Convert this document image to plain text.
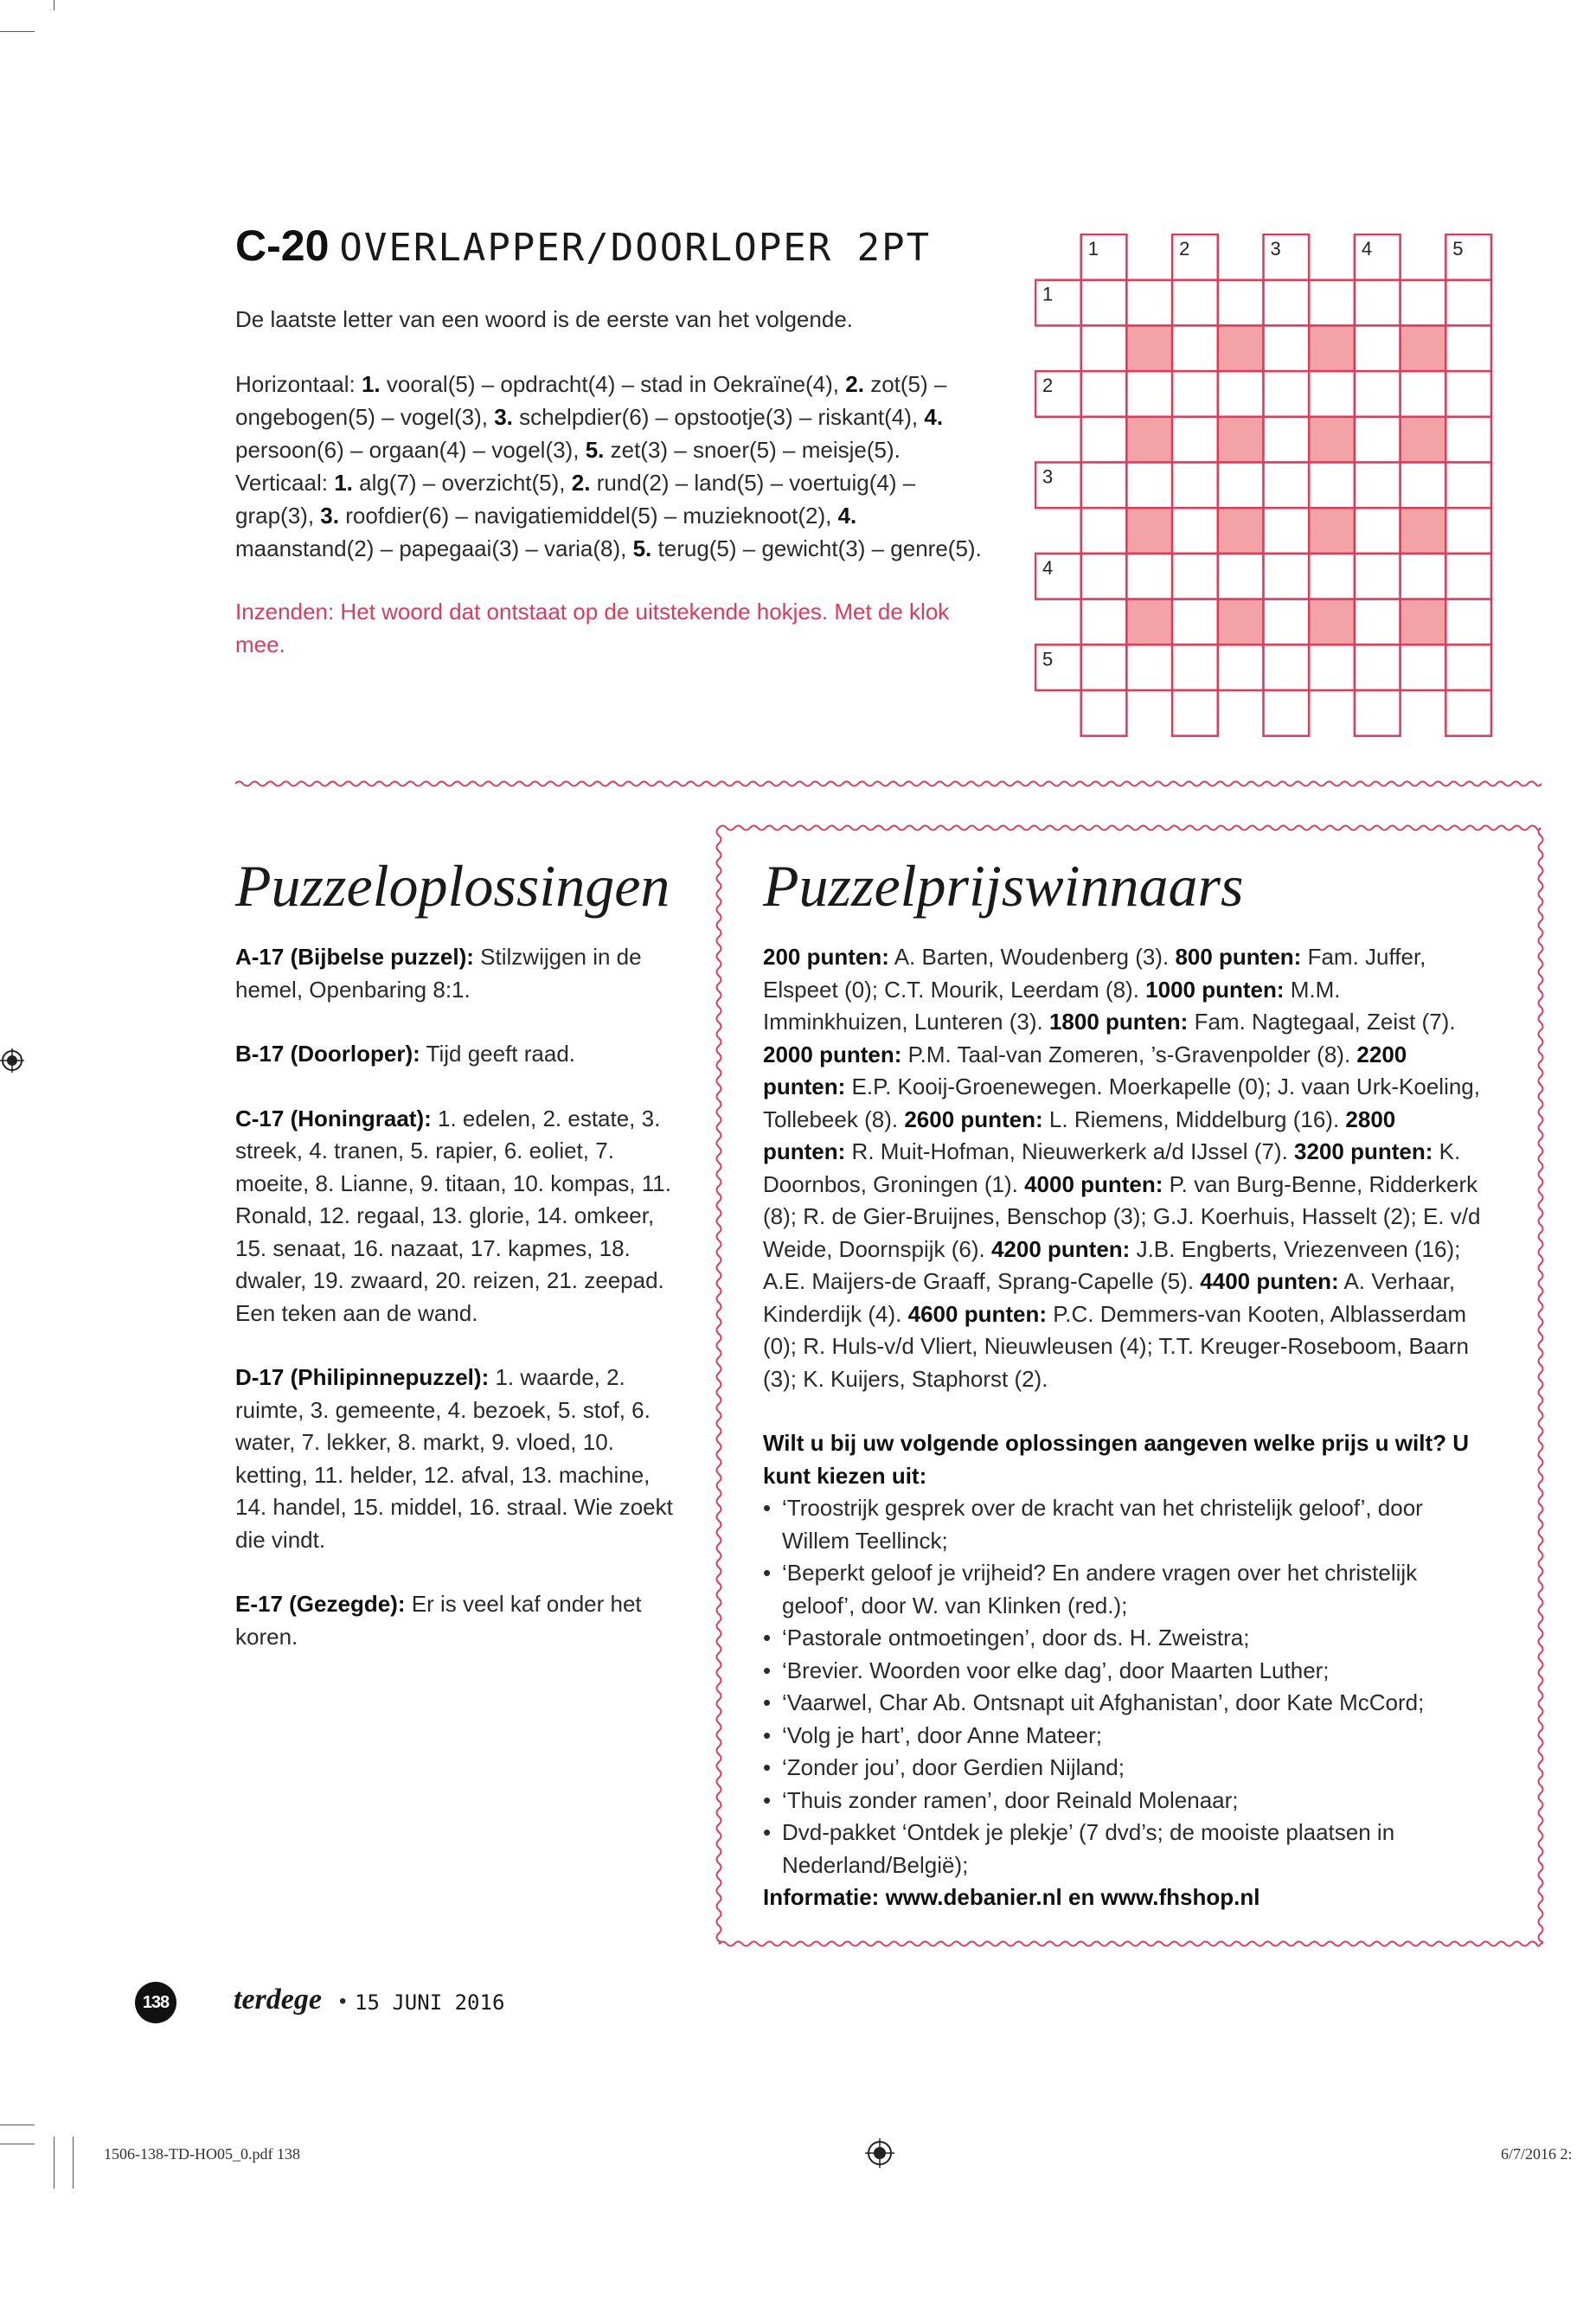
C-20 OVERLAPPER/DOORLOPER 2PT
De laatste letter van een woord is de eerste van het volgende.
Horizontaal: 1. vooral(5) – opdracht(4) – stad in Oekraïne(4), 2. zot(5) – ongebogen(5) – vogel(3), 3. schelpdier(6) – opstootje(3) – riskant(4), 4. persoon(6) – orgaan(4) – vogel(3), 5. zet(3) – snoer(5) – meisje(5).
Verticaal: 1. alg(7) – overzicht(5), 2. rund(2) – land(5) – voertuig(4) – grap(3), 3. roofdier(6) – navigatiemiddel(5) – muzieknoot(2), 4. maanstand(2) – papegaai(3) – varia(8), 5. terug(5) – gewicht(3) – genre(5).
Inzenden: Het woord dat ontstaat op de uitstekende hokjes. Met de klok mee.
1	2	3	4	5
1
2
3
4
5
Puzzeloplossingen

A-17 (Bijbelse puzzel): Stilzwijgen in de hemel, Openbaring 8:1.

B-17 (Doorloper): Tijd geeft raad.

C-17 (Honingraat): 1. edelen, 2. estate, 3. streek, 4. tranen, 5. rapier, 6. eoliet, 7. moeite, 8. Lianne, 9. titaan, 10. kompas, 11. Ronald, 12. regaal, 13. glorie, 14. omkeer, 15. senaat, 16. nazaat, 17. kapmes, 18. dwaler, 19. zwaard, 20. reizen, 21. zeepad. Een teken aan de wand.

D-17 (Philipinnepuzzel): 1. waarde, 2. ruimte, 3. gemeente, 4. bezoek, 5. stof, 6. water, 7. lekker, 8. markt, 9. vloed, 10. ketting, 11. helder, 12. afval, 13. machine, 14. handel, 15. middel, 16. straal. Wie zoekt die vindt.

E-17 (Gezegde): Er is veel kaf onder het koren.

Puzzelprijswinnaars

200 punten: A. Barten, Woudenberg (3). 800 punten: Fam. Juffer, Elspeet (0); C.T. Mourik, Leerdam (8). 1000 punten: M.M. Imminkhuizen, Lunteren (3). 1800 punten: Fam. Nagtegaal, Zeist (7). 2000 punten: P.M. Taal-van Zomeren, ’s-Gravenpolder (8). 2200 punten: E.P. Kooij-Groenewegen. Moerkapelle (0); J. vaan Urk-Koeling, Tollebeek (8). 2600 punten: L. Riemens, Middelburg (16). 2800 punten: R. Muit-Hofman, Nieuwerkerk a/d IJssel (7). 3200 punten: K. Doornbos, Groningen (1). 4000 punten: P. van Burg-Benne, Ridderkerk (8); R. de Gier-Bruijnes, Benschop (3); G.J. Koerhuis, Hasselt (2); E. v/d Weide, Doornspijk (6). 4200 punten: J.B. Engberts, Vriezenveen (16); A.E. Maijers-de Graaff, Sprang-Capelle (5). 4400 punten: A. Verhaar, Kinderdijk (4). 4600 punten: P.C. Demmers-van Kooten, Alblasserdam (0); R. Huls-v/d Vliert, Nieuwleusen (4); T.T. Kreuger-Roseboom, Baarn (3); K. Kuijers, Staphorst (2).

Wilt u bij uw volgende oplossingen aangeven welke prijs u wilt? U kunt kiezen uit:

• ‘Troostrijk gesprek over de kracht van het christelijk geloof’, door Willem Teellinck;
• ‘Beperkt geloof je vrijheid? En andere vragen over het christelijk geloof’, door W. van Klinken (red.);
• ‘Pastorale ontmoetingen’, door ds. H. Zweistra;
• ‘Brevier. Woorden voor elke dag’, door Maarten Luther;
• ‘Vaarwel, Char Ab. Ontsnapt uit Afghanistan’, door Kate McCord;
• ‘Volg je hart’, door Anne Mateer;
• ‘Zonder jou’, door Gerdien Nijland;
• ‘Thuis zonder ramen’, door Reinald Molenaar;
• Dvd-pakket ‘Ontdek je plekje’ (7 dvd’s; de mooiste plaatsen in Nederland/België);

Informatie: www.debanier.nl en www.fhshop.nl

138 terdege • 15 JUNI 2016
1506-138-TD-HO05_0.pdf 138	6/7/2016 2:
